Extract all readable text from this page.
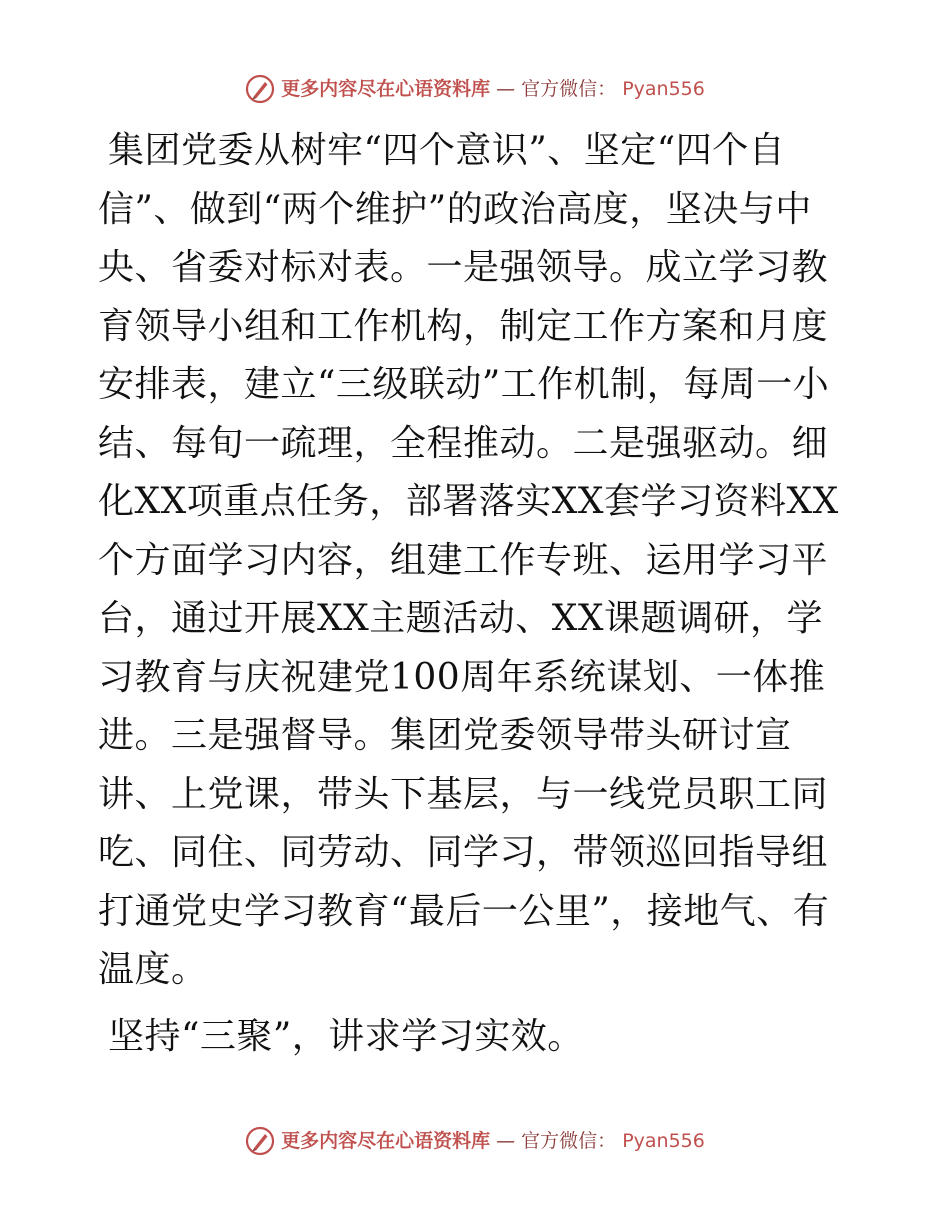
更多内容尽在心语资料库 — 官方微信： Pyan556

集团党委从树牢“四个意识”、坚定“四个自信”、做到“两个维护”的政治高度，坚决与中央、省委对标对表。一是强领导。成立学习教育领导小组和工作机构，制定工作方案和月度安排表，建立“三级联动”工作机制，每周一小结、每旬一疏理，全程推动。二是强驱动。细化XX项重点任务，部署落实XX套学习资料XX个方面学习内容，组建工作专班、运用学习平台，通过开展XX主题活动、XX课题调研，学习教育与庆祝建党100周年系统谋划、一体推进。三是强督导。集团党委领导带头研讨宣讲、上党课，带头下基层，与一线党员职工同吃、同住、同劳动、同学习，带领巡回指导组打通党史学习教育“最后一公里”，接地气、有温度。

坚持“三聚”，讲求学习实效。

更多内容尽在心语资料库 — 官方微信： Pyan556
